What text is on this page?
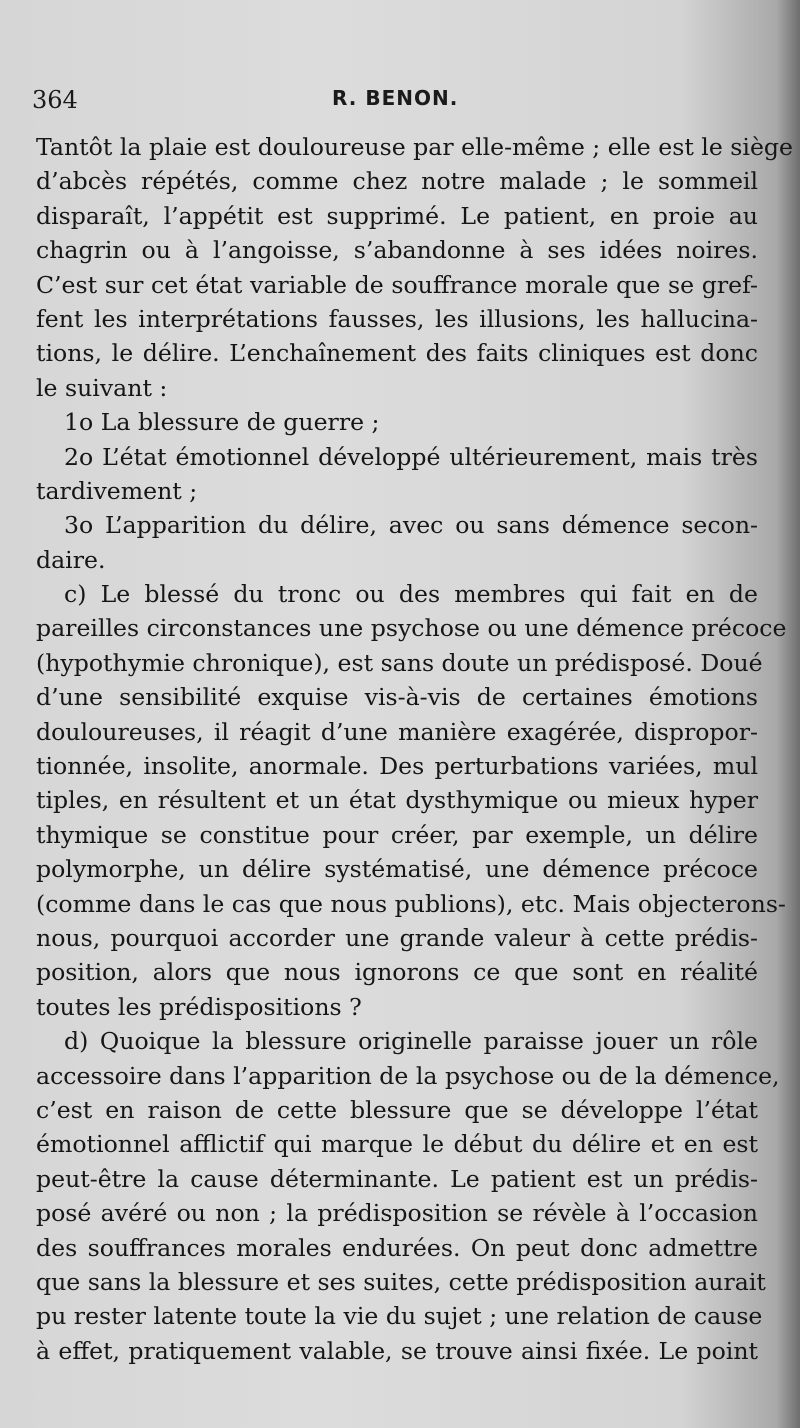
364	R. BENON.
Tantôt la plaie est douloureuse par elle-même ; elle est le siège
d’abcès répétés, comme chez notre malade ; le sommeil
disparaît, l’appétit est supprimé. Le patient, en proie au
chagrin ou à l’angoisse, s’abandonne à ses idées noires.
C’est sur cet état variable de souffrance morale que se gref-
fent les interprétations fausses, les illusions, les hallucina-
tions, le délire. L’enchaînement des faits cliniques est donc
le suivant :
1o La blessure de guerre ;
2o L’état émotionnel développé ultérieurement, mais très
tardivement ;
3o L’apparition du délire, avec ou sans démence secon-
daire.
c) Le blessé du tronc ou des membres qui fait en de
pareilles circonstances une psychose ou une démence précoce
(hypothymie chronique), est sans doute un prédisposé. Doué
d’une sensibilité exquise vis-à-vis de certaines émotions
douloureuses, il réagit d’une manière exagérée, dispropor-
tionnée, insolite, anormale. Des perturbations variées, mul
tiples, en résultent et un état dysthymique ou mieux hyper
thymique se constitue pour créer, par exemple, un délire
polymorphe, un délire systématisé, une démence précoce
(comme dans le cas que nous publions), etc. Mais objecterons-
nous, pourquoi accorder une grande valeur à cette prédis-
position, alors que nous ignorons ce que sont en réalité
toutes les prédispositions ?
d) Quoique la blessure originelle paraisse jouer un rôle
accessoire dans l’apparition de la psychose ou de la démence,
c’est en raison de cette blessure que se développe l’état
émotionnel afflictif qui marque le début du délire et en est
peut-être la cause déterminante. Le patient est un prédis-
posé avéré ou non ; la prédisposition se révèle à l’occasion
des souffrances morales endurées. On peut donc admettre
que sans la blessure et ses suites, cette prédisposition aurait
pu rester latente toute la vie du sujet ; une relation de cause
à effet, pratiquement valable, se trouve ainsi fixée. Le point
